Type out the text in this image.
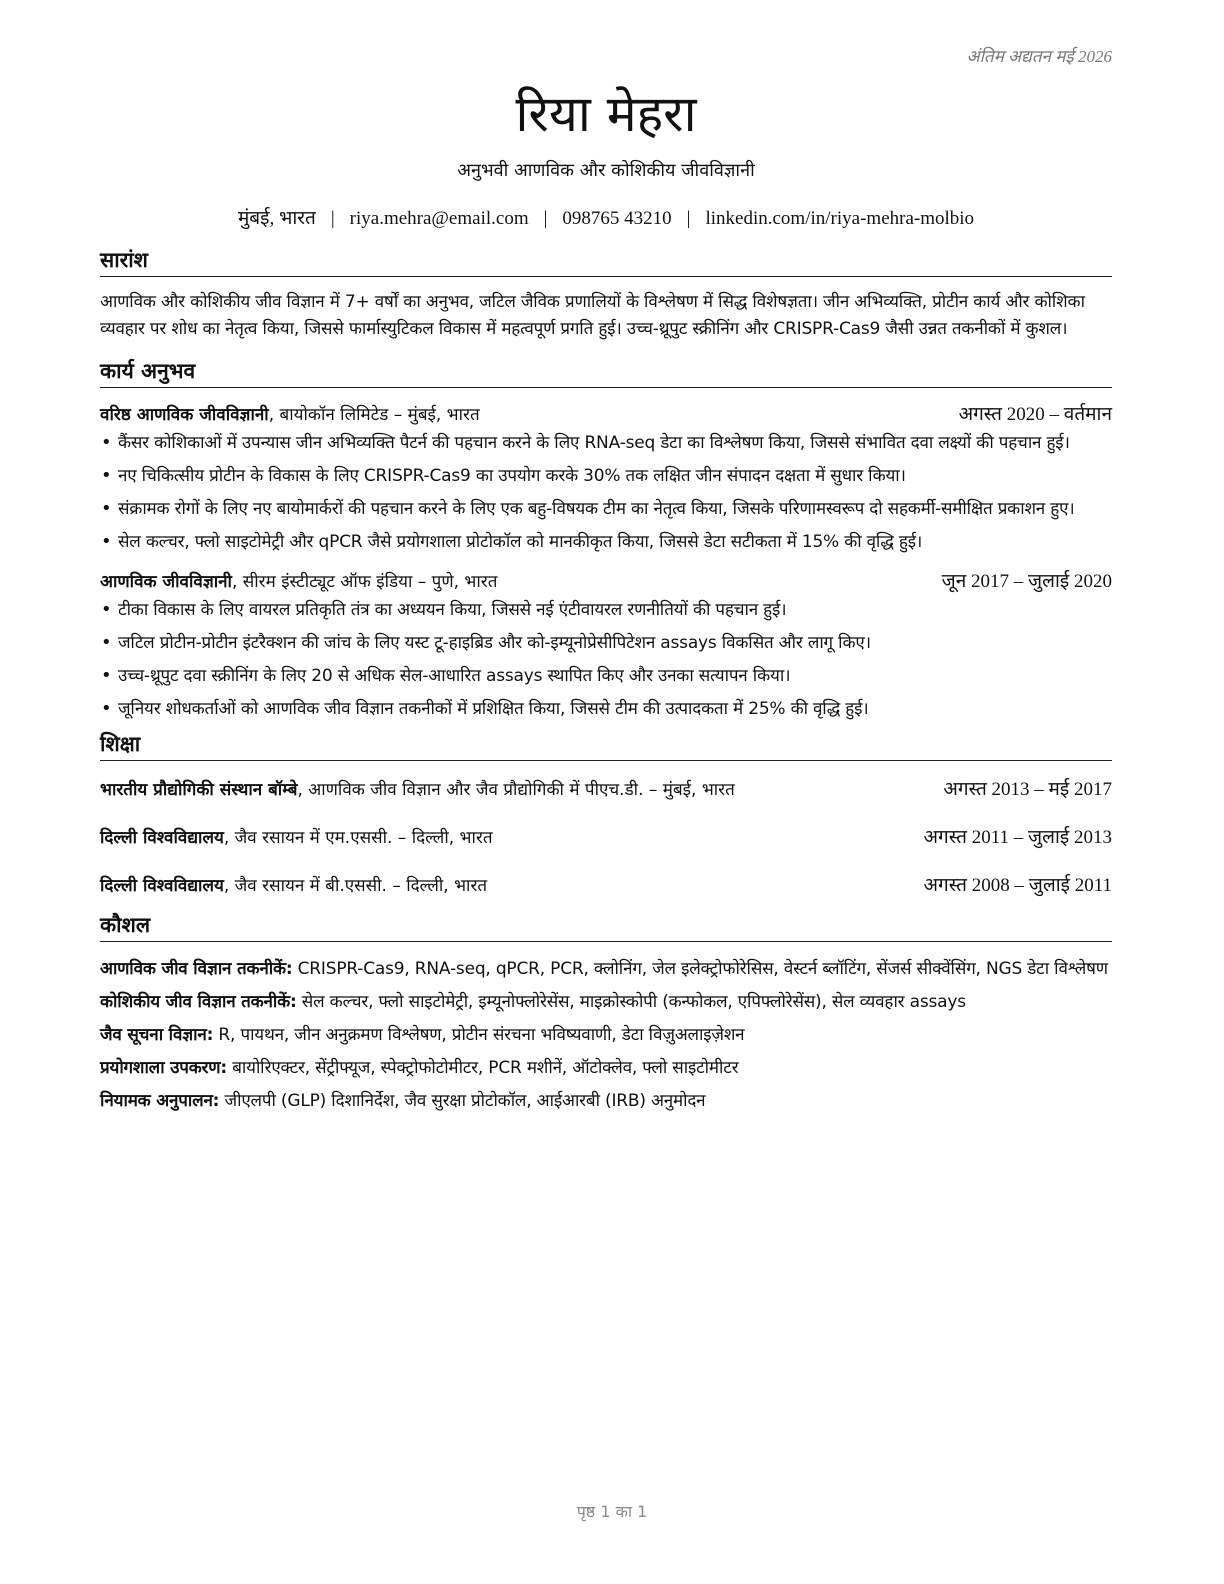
अंतिम अद्यतन मई 2026
रिया मेहरा
अनुभवी आणविक और कोशिकीय जीवविज्ञानी
मुंबई, भारत | riya.mehra@email.com | 098765 43210 | linkedin.com/in/riya-mehra-molbio
सारांश
आणविक और कोशिकीय जीव विज्ञान में 7+ वर्षों का अनुभव, जटिल जैविक प्रणालियों के विश्लेषण में सिद्ध विशेषज्ञता। जीन अभिव्यक्ति, प्रोटीन कार्य और कोशिका व्यवहार पर शोध का नेतृत्व किया, जिससे फार्मास्युटिकल विकास में महत्वपूर्ण प्रगति हुई। उच्च-थ्रूपुट स्क्रीनिंग और CRISPR-Cas9 जैसी उन्नत तकनीकों में कुशल।
कार्य अनुभव
वरिष्ठ आणविक जीवविज्ञानी, बायोकॉन लिमिटेड – मुंबई, भारत	अगस्त 2020 – वर्तमान
• कैंसर कोशिकाओं में उपन्यास जीन अभिव्यक्ति पैटर्न की पहचान करने के लिए RNA-seq डेटा का विश्लेषण किया, जिससे संभावित दवा लक्ष्यों की पहचान हुई।
• नए चिकित्सीय प्रोटीन के विकास के लिए CRISPR-Cas9 का उपयोग करके 30% तक लक्षित जीन संपादन दक्षता में सुधार किया।
• संक्रामक रोगों के लिए नए बायोमार्करों की पहचान करने के लिए एक बहु-विषयक टीम का नेतृत्व किया, जिसके परिणामस्वरूप दो सहकर्मी-समीक्षित प्रकाशन हुए।
• सेल कल्चर, फ्लो साइटोमेट्री और qPCR जैसे प्रयोगशाला प्रोटोकॉल को मानकीकृत किया, जिससे डेटा सटीकता में 15% की वृद्धि हुई।
आणविक जीवविज्ञानी, सीरम इंस्टीट्यूट ऑफ इंडिया – पुणे, भारत	जून 2017 – जुलाई 2020
• टीका विकास के लिए वायरल प्रतिकृति तंत्र का अध्ययन किया, जिससे नई एंटीवायरल रणनीतियों की पहचान हुई।
• जटिल प्रोटीन-प्रोटीन इंटरैक्शन की जांच के लिए यस्ट टू-हाइब्रिड और को-इम्यूनोप्रेसीपिटेशन assays विकसित और लागू किए।
• उच्च-थ्रूपुट दवा स्क्रीनिंग के लिए 20 से अधिक सेल-आधारित assays स्थापित किए और उनका सत्यापन किया।
• जूनियर शोधकर्ताओं को आणविक जीव विज्ञान तकनीकों में प्रशिक्षित किया, जिससे टीम की उत्पादकता में 25% की वृद्धि हुई।
शिक्षा
भारतीय प्रौद्योगिकी संस्थान बॉम्बे, आणविक जीव विज्ञान और जैव प्रौद्योगिकी में पीएच.डी. – मुंबई, भारत	अगस्त 2013 – मई 2017
दिल्ली विश्वविद्यालय, जैव रसायन में एम.एससी. – दिल्ली, भारत	अगस्त 2011 – जुलाई 2013
दिल्ली विश्वविद्यालय, जैव रसायन में बी.एससी. – दिल्ली, भारत	अगस्त 2008 – जुलाई 2011
कौशल
आणविक जीव विज्ञान तकनीकें: CRISPR-Cas9, RNA-seq, qPCR, PCR, क्लोनिंग, जेल इलेक्ट्रोफोरेसिस, वेस्टर्न ब्लॉटिंग, सेंजर्स सीक्वेंसिंग, NGS डेटा विश्लेषण
कोशिकीय जीव विज्ञान तकनीकें: सेल कल्चर, फ्लो साइटोमेट्री, इम्यूनोफ्लोरेसेंस, माइक्रोस्कोपी (कन्फोकल, एपिफ्लोरेसेंस), सेल व्यवहार assays
जैव सूचना विज्ञान: R, पायथन, जीन अनुक्रमण विश्लेषण, प्रोटीन संरचना भविष्यवाणी, डेटा विज़ुअलाइज़ेशन
प्रयोगशाला उपकरण: बायोरिएक्टर, सेंट्रीफ्यूज, स्पेक्ट्रोफोटोमीटर, PCR मशीनें, ऑटोक्लेव, फ्लो साइटोमीटर
नियामक अनुपालन: जीएलपी (GLP) दिशानिर्देश, जैव सुरक्षा प्रोटोकॉल, आईआरबी (IRB) अनुमोदन
पृष्ठ 1 का 1
